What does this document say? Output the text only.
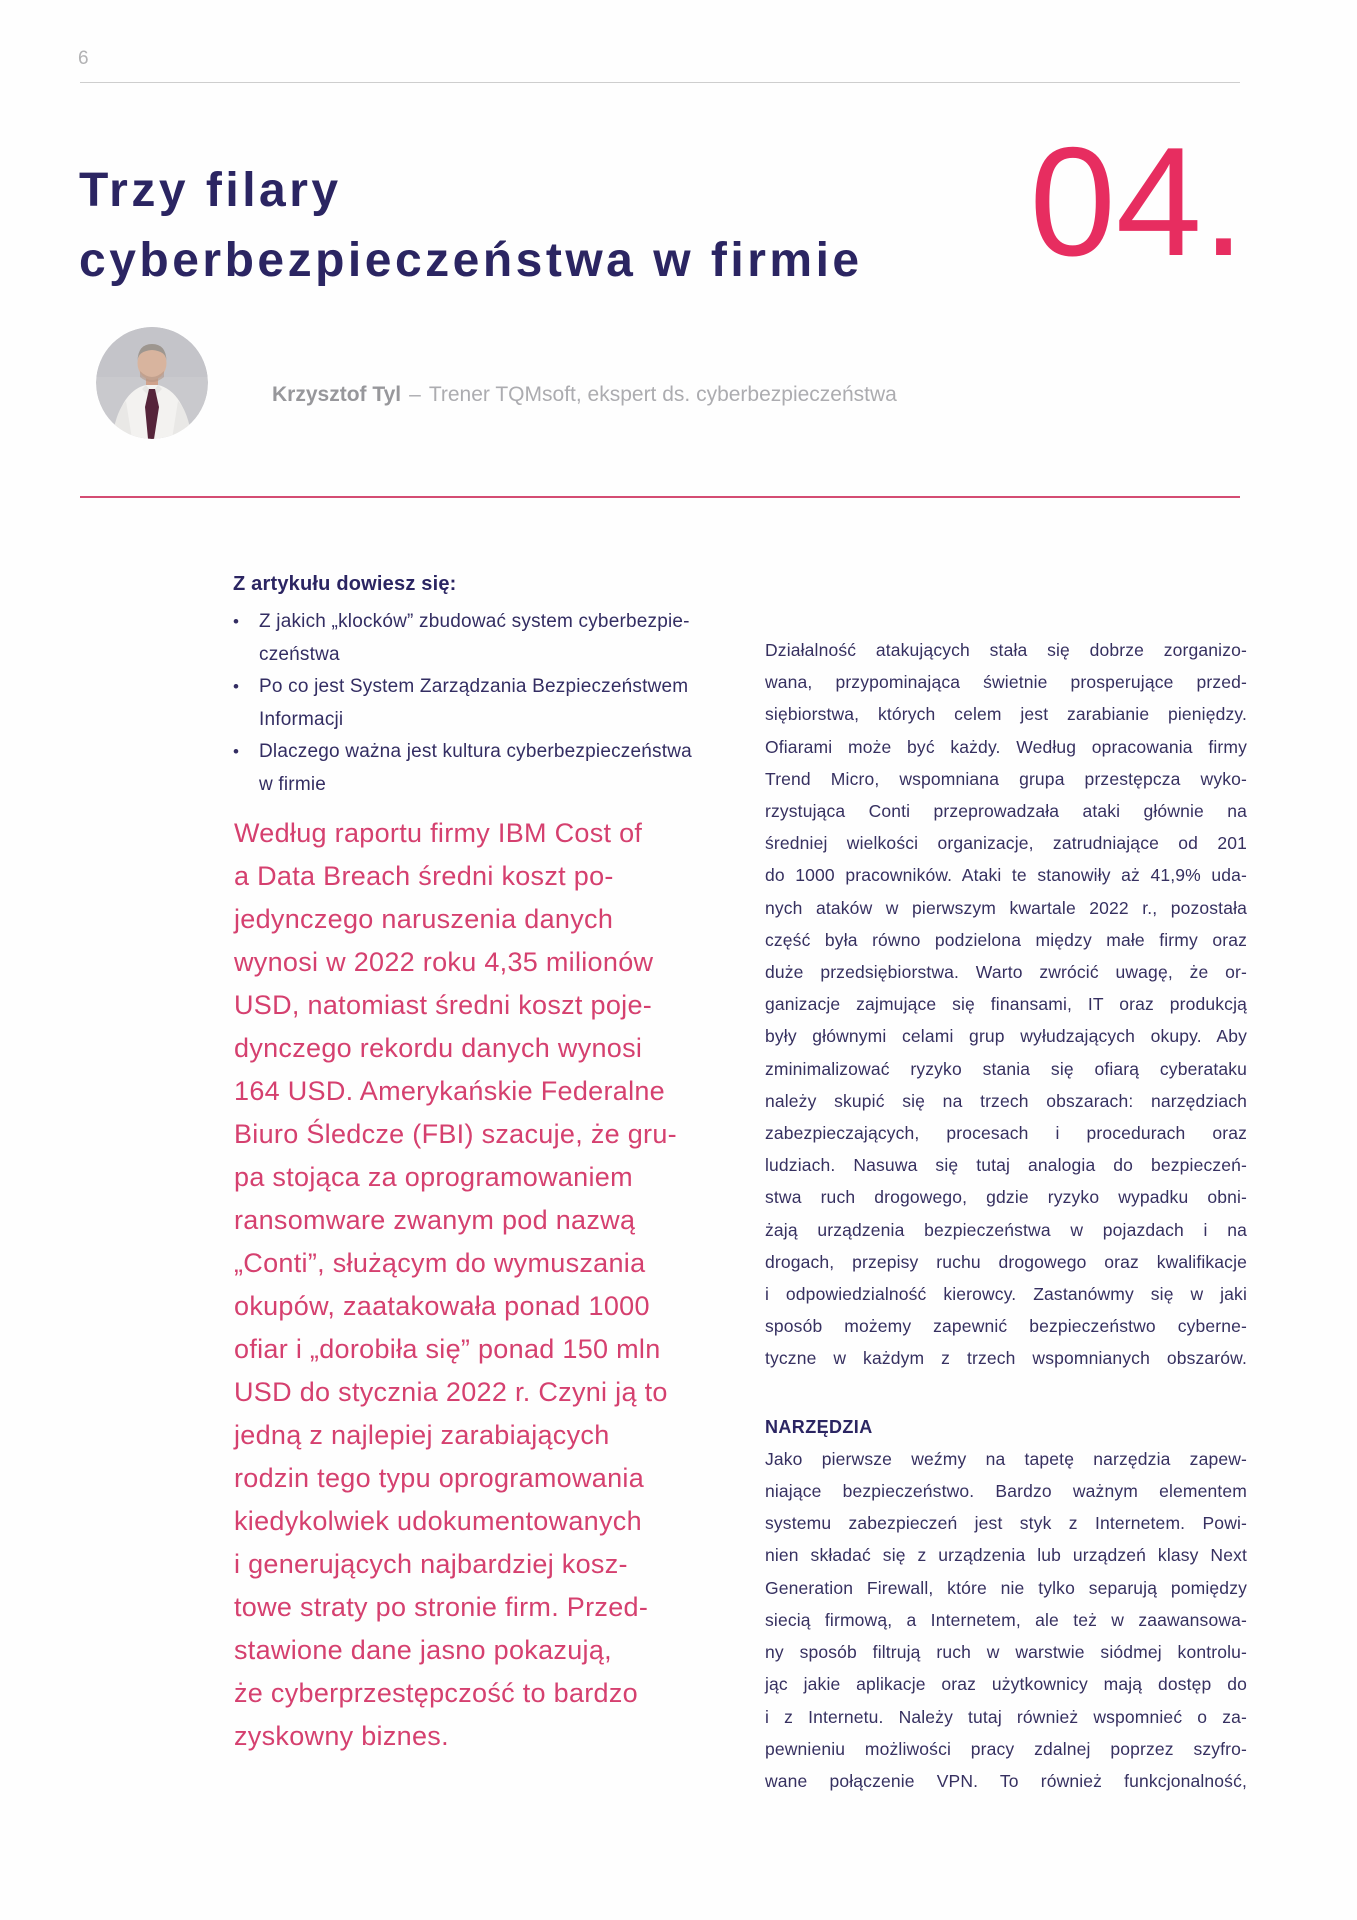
6
Trzy filary
cyberbezpieczeństwa w firmie 04.
Krzysztof Tyl – Trener TQMsoft, ekspert ds. cyberbezpieczeństwa
Z artykułu dowiesz się:
•	Z jakich „klocków” zbudować system cyberbezpie-
czeństwa
•	Po co jest System Zarządzania Bezpieczeństwem
Informacji
•	Dlaczego ważna jest kultura cyberbezpieczeństwa
w firmie
Według raportu firmy IBM Cost of
a Data Breach średni koszt po-
jedynczego naruszenia danych
wynosi w 2022 roku 4,35 milionów
USD, natomiast średni koszt poje-
dynczego rekordu danych wynosi
164 USD. Amerykańskie Federalne
Biuro Śledcze (FBI) szacuje, że gru-
pa stojąca za oprogramowaniem
ransomware zwanym pod nazwą
„Conti”, służącym do wymuszania
okupów, zaatakowała ponad 1000
ofiar i „dorobiła się” ponad 150 mln
USD do stycznia 2022 r. Czyni ją to
jedną z najlepiej zarabiających
rodzin tego typu oprogramowania
kiedykolwiek udokumentowanych
i generujących najbardziej kosz-
towe straty po stronie firm. Przed-
stawione dane jasno pokazują,
że cyberprzestępczość to bardzo
zyskowny biznes.
Działalność atakujących stała się dobrze zorganizo-
wana, przypominająca świetnie prosperujące przed-
siębiorstwa, których celem jest zarabianie pieniędzy.
Ofiarami może być każdy. Według opracowania firmy
Trend Micro, wspomniana grupa przestępcza wyko-
rzystująca Conti przeprowadzała ataki głównie na
średniej wielkości organizacje, zatrudniające od 201
do 1000 pracowników. Ataki te stanowiły aż 41,9% uda-
nych ataków w pierwszym kwartale 2022 r., pozostała
część była równo podzielona między małe firmy oraz
duże przedsiębiorstwa. Warto zwrócić uwagę, że or-
ganizacje zajmujące się finansami, IT oraz produkcją
były głównymi celami grup wyłudzających okupy. Aby
zminimalizować ryzyko stania się ofiarą cyberataku
należy skupić się na trzech obszarach: narzędziach
zabezpieczających, procesach i procedurach oraz
ludziach. Nasuwa się tutaj analogia do bezpieczeń-
stwa ruch drogowego, gdzie ryzyko wypadku obni-
żają urządzenia bezpieczeństwa w pojazdach i na
drogach, przepisy ruchu drogowego oraz kwalifikacje
i odpowiedzialność kierowcy. Zastanówmy się w jaki
sposób możemy zapewnić bezpieczeństwo cyberne-
tyczne w każdym z trzech wspomnianych obszarów.
NARZĘDZIA
Jako pierwsze weźmy na tapetę narzędzia zapew-
niające bezpieczeństwo. Bardzo ważnym elementem
systemu zabezpieczeń jest styk z Internetem. Powi-
nien składać się z urządzenia lub urządzeń klasy Next
Generation Firewall, które nie tylko separują pomiędzy
siecią firmową, a Internetem, ale też w zaawansowa-
ny sposób filtrują ruch w warstwie siódmej kontrolu-
jąc jakie aplikacje oraz użytkownicy mają dostęp do
i z Internetu. Należy tutaj również wspomnieć o za-
pewnieniu możliwości pracy zdalnej poprzez szyfro-
wane połączenie VPN. To również funkcjonalność,
